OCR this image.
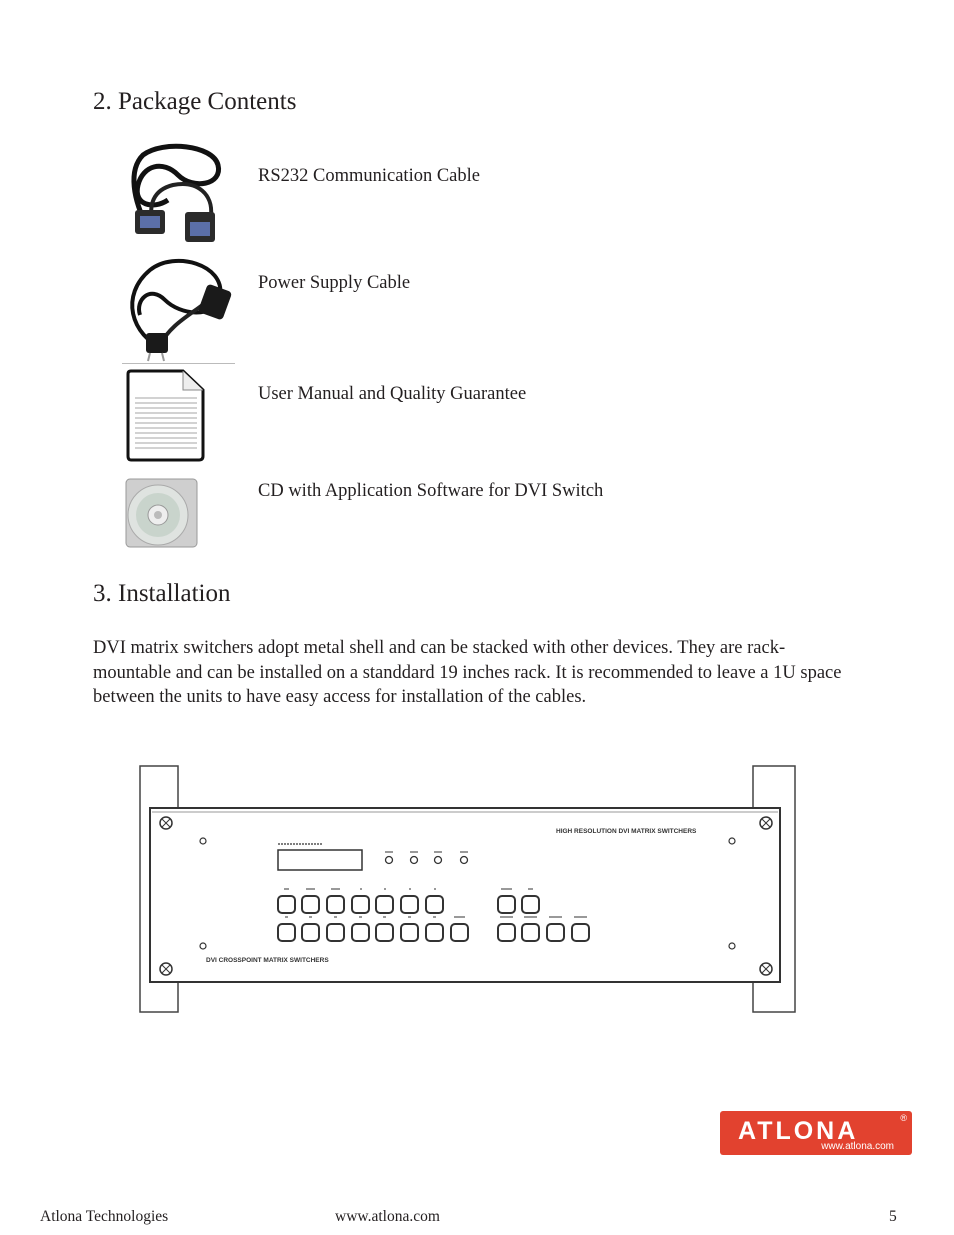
2. Package Contents
RS232 Communication Cable
Power Supply Cable
User Manual and Quality Guarantee
CD with Application Software for DVI Switch
3. Installation
DVI matrix switchers adopt metal shell and can be stacked with other devices. They are rack-mountable and can be installed on a standdard 19 inches rack. It is recommended to leave a 1U space between the units to have easy access for installation of the cables.
HIGH RESOLUTION DVI MATRIX SWITCHERS
DVI CROSSPOINT MATRIX SWITCHERS
ATLONA	®
www.atlona.com
Atlona Technologies	www.atlona.com	5
